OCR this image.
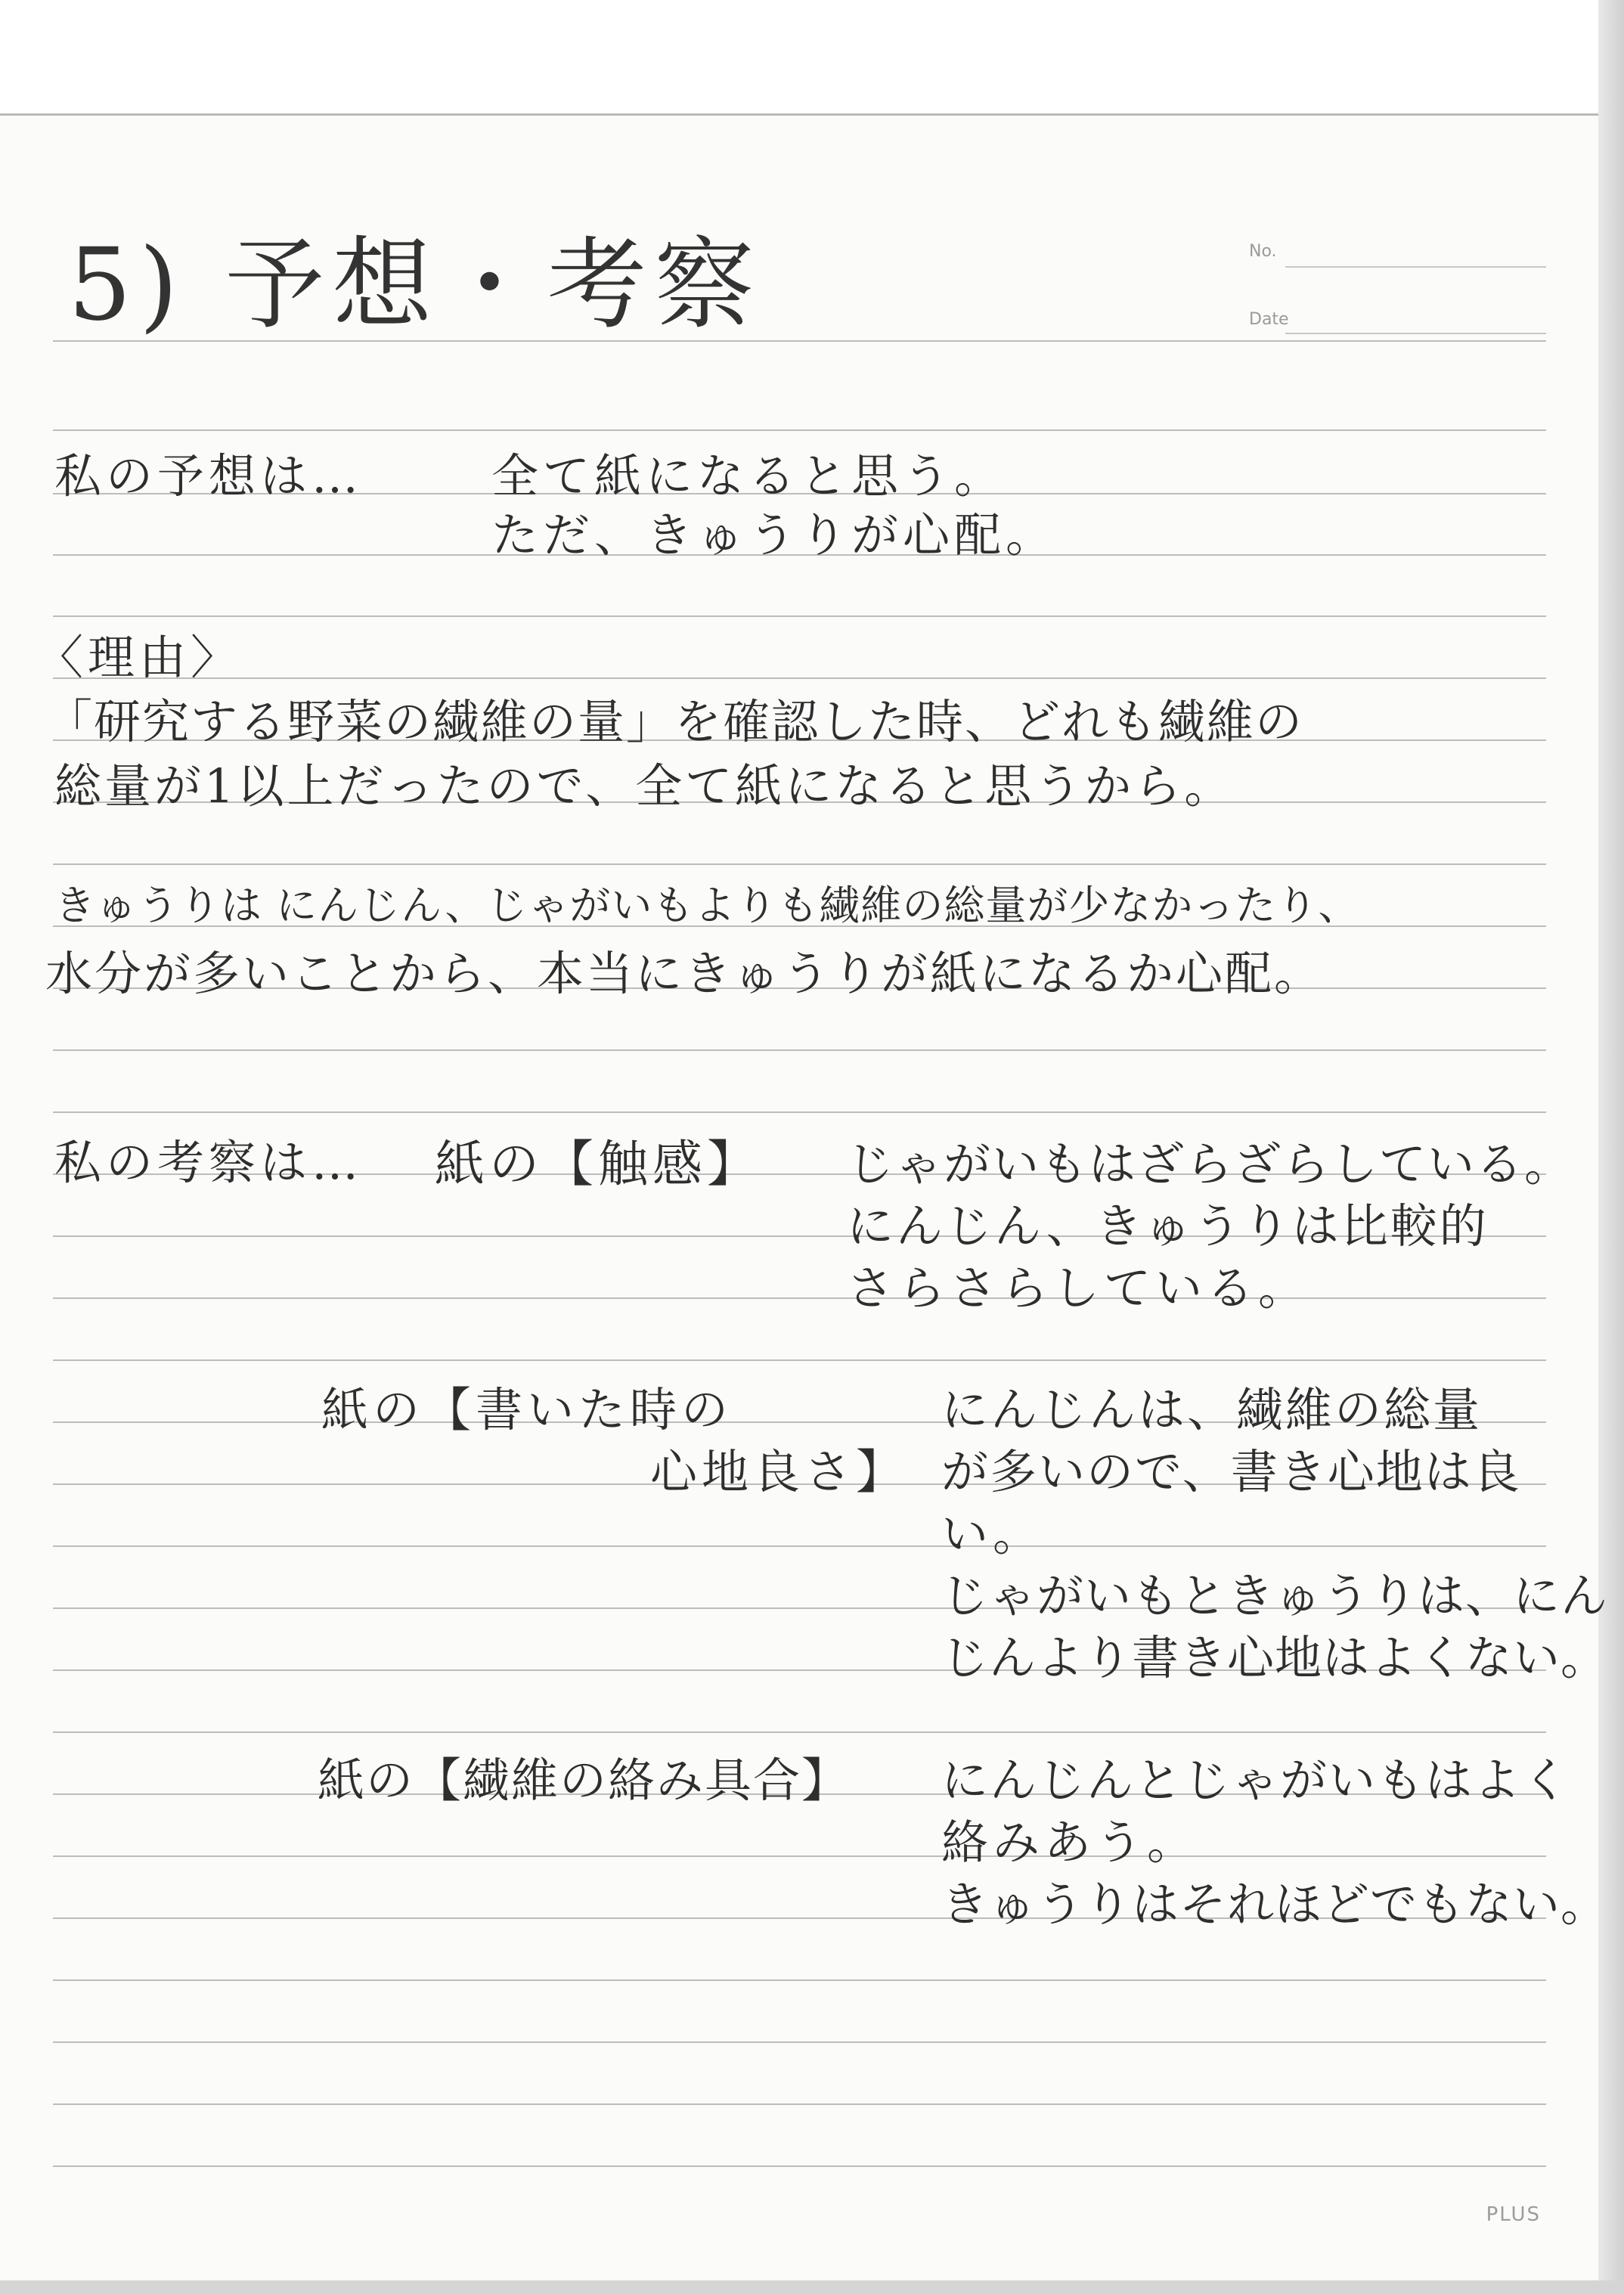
No.
Date
5) 予想・考察
私の予想は…	全て紙になると思う。
ただ、きゅうりが心配。
〈理由〉
「研究する野菜の繊維の量」を確認した時、どれも繊維の
総量が1以上だったので、全て紙になると思うから。
きゅうりは にんじん、じゃがいもよりも繊維の総量が少なかったり、
水分が多いことから、本当にきゅうりが紙になるか心配。
私の考察は… 紙の【触感】 じゃがいもはざらざらしている。
にんじん、きゅうりは比較的
さらさらしている。
紙の【書いた時の
心地良さ】
にんじんは、繊維の総量
が多いので、書き心地は良
い。
じゃがいもときゅうりは、にん
じんより書き心地はよくない。
紙の【繊維の絡み具合】 にんじんとじゃがいもはよく
絡みあう。
きゅうりはそれほどでもない。
PLUS
